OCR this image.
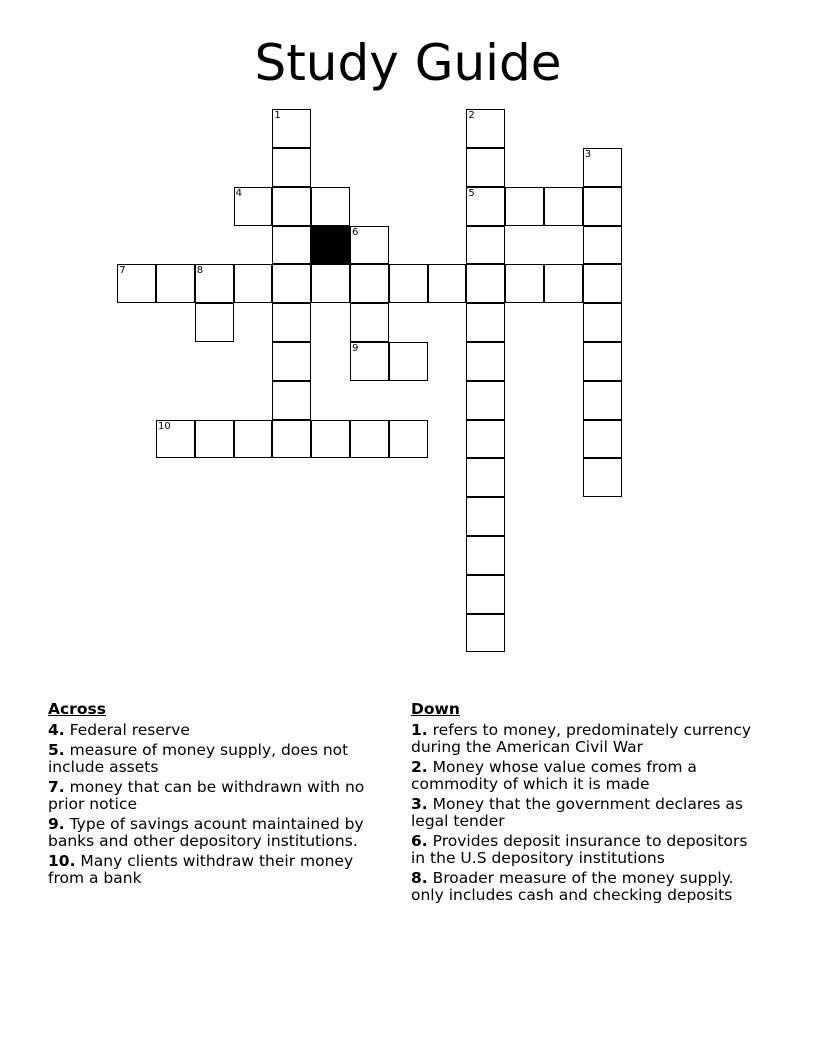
Study Guide
1	2
5
3
4
6
9
7	8
10
Across
4. Federal reserve
5. measure of money supply, does not include assets
7. money that can be withdrawn with no prior notice
9. Type of savings acount maintained by banks and other depository institutions.
10. Many clients withdraw their money from a bank
Down
1. refers to money, predominately currency during the American Civil War
2. Money whose value comes from a commodity of which it is made
3. Money that the government declares as legal tender
6. Provides deposit insurance to depositors in the U.S depository institutions
8. Broader measure of the money supply. only includes cash and checking deposits
